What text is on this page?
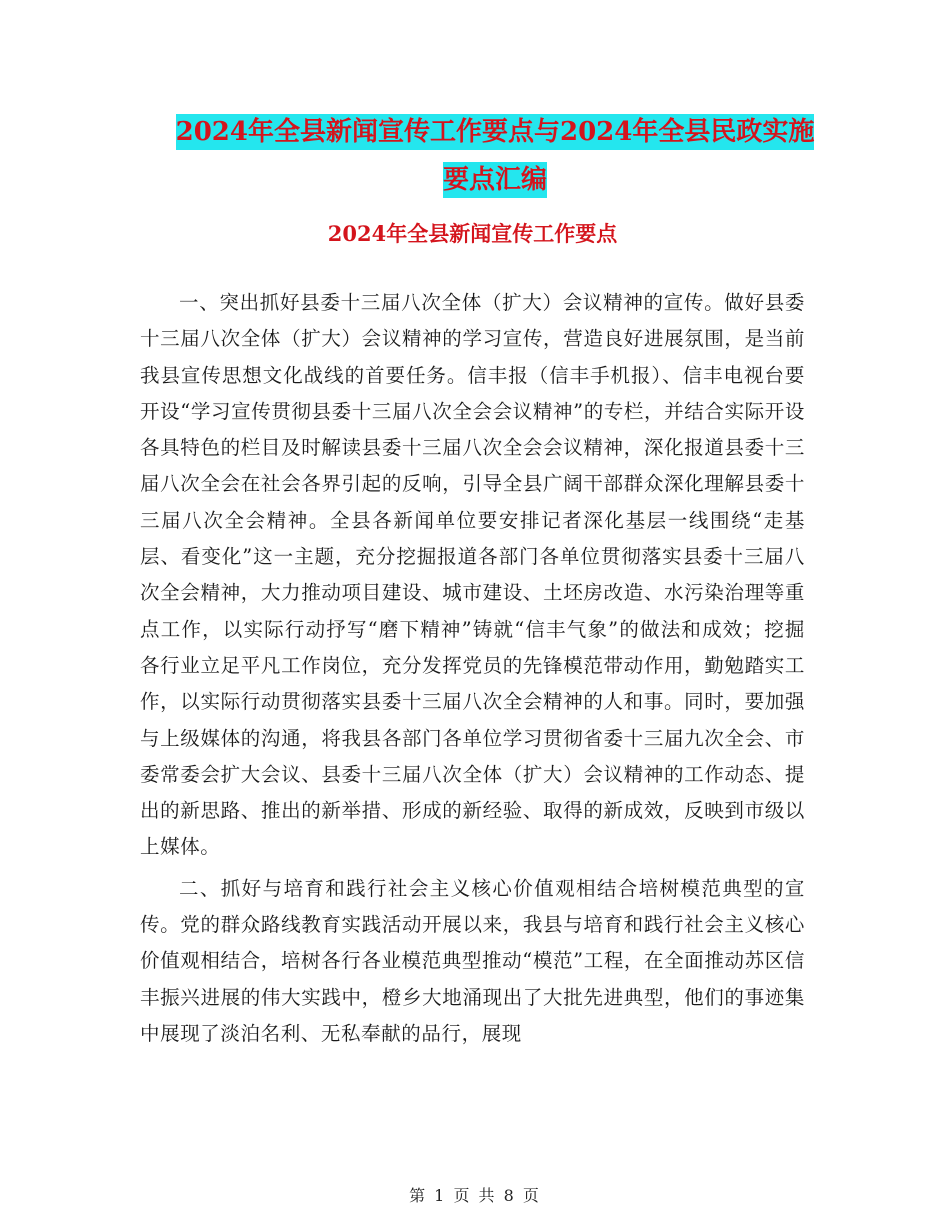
2024年全县新闻宣传工作要点与2024年全县民政实施
要点汇编
2024年全县新闻宣传工作要点

一、突出抓好县委十三届八次全体（扩大）会议精神的宣传。做好县委十三届八次全体（扩大）会议精神的学习宣传，营造良好进展氛围，是当前我县宣传思想文化战线的首要任务。信丰报（信丰手机报）、信丰电视台要开设“学习宣传贯彻县委十三届八次全会会议精神”的专栏，并结合实际开设各具特色的栏目及时解读县委十三届八次全会会议精神，深化报道县委十三届八次全会在社会各界引起的反响，引导全县广阔干部群众深化理解县委十三届八次全会精神。全县各新闻单位要安排记者深化基层一线围绕“走基层、看变化”这一主题，充分挖掘报道各部门各单位贯彻落实县委十三届八次全会精神，大力推动项目建设、城市建设、土坯房改造、水污染治理等重点工作，以实际行动抒写“磨下精神”铸就“信丰气象”的做法和成效；挖掘各行业立足平凡工作岗位，充分发挥党员的先锋模范带动作用，勤勉踏实工作，以实际行动贯彻落实县委十三届八次全会精神的人和事。同时，要加强与上级媒体的沟通，将我县各部门各单位学习贯彻省委十三届九次全会、市委常委会扩大会议、县委十三届八次全体（扩大）会议精神的工作动态、提出的新思路、推出的新举措、形成的新经验、取得的新成效，反映到市级以上媒体。

二、抓好与培育和践行社会主义核心价值观相结合培树模范典型的宣传。党的群众路线教育实践活动开展以来，我县与培育和践行社会主义核心价值观相结合，培树各行各业模范典型推动“模范”工程，在全面推动苏区信丰振兴进展的伟大实践中，橙乡大地涌现出了大批先进典型，他们的事迹集中展现了淡泊名利、无私奉献的品行，展现

第 1 页 共 8 页
